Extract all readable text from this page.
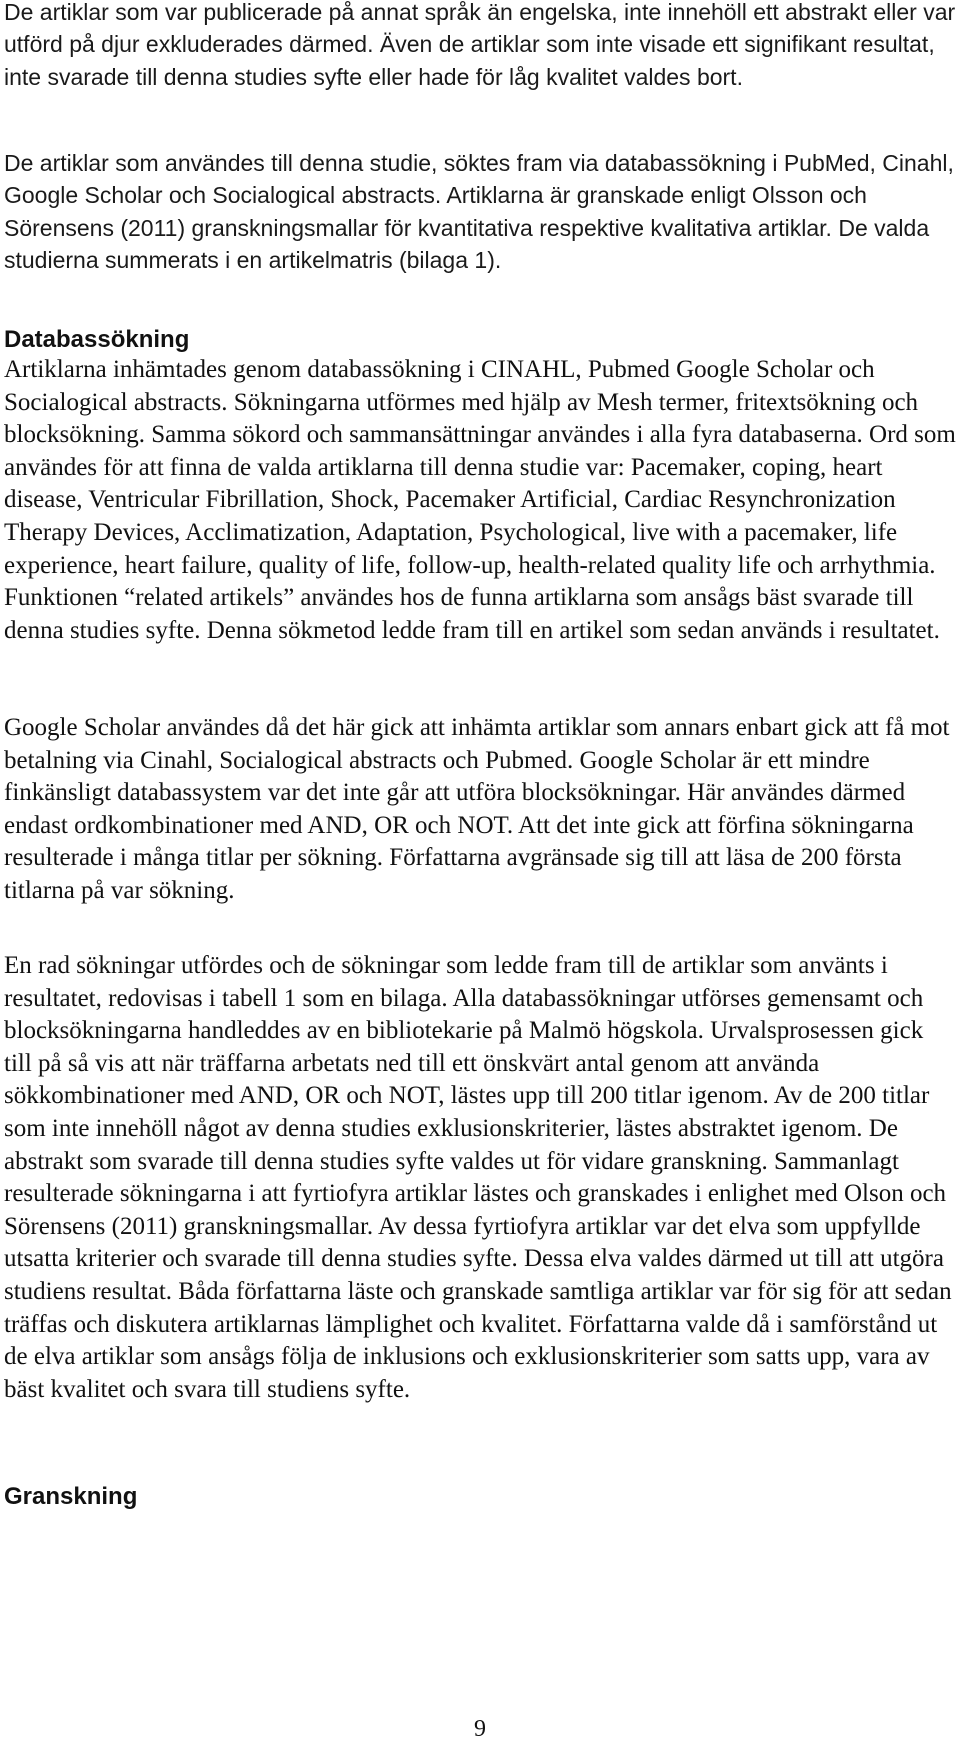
De artiklar som var publicerade på annat språk än engelska, inte innehöll ett abstrakt eller var utförd på djur exkluderades därmed. Även de artiklar som inte visade ett signifikant resultat, inte svarade till denna studies syfte eller hade för låg kvalitet valdes bort.

De artiklar som användes till denna studie, söktes fram via databassökning i PubMed, Cinahl, Google Scholar och Socialogical abstracts. Artiklarna är granskade enligt Olsson och Sörensens (2011) granskningsmallar för kvantitativa respektive kvalitativa artiklar. De valda studierna summerats i en artikelmatris (bilaga 1).

Databassökning

Artiklarna inhämtades genom databassökning i CINAHL, Pubmed Google Scholar och Socialogical abstracts. Sökningarna utförmes med hjälp av Mesh termer, fritextsökning och blocksökning. Samma sökord och sammansättningar användes i alla fyra databaserna. Ord som användes för att finna de valda artiklarna till denna studie var: Pacemaker, coping, heart disease, Ventricular Fibrillation, Shock, Pacemaker Artificial, Cardiac Resynchronization Therapy Devices, Acclimatization, Adaptation, Psychological, live with a pacemaker, life experience, heart failure, quality of life, follow-up, health-related quality life och arrhythmia. Funktionen “related artikels” användes hos de funna artiklarna som ansågs bäst svarade till denna studies syfte. Denna sökmetod ledde fram till en artikel som sedan används i resultatet.

Google Scholar användes då det här gick att inhämta artiklar som annars enbart gick att få mot betalning via Cinahl, Socialogical abstracts och Pubmed. Google Scholar är ett mindre finkänsligt databassystem var det inte går att utföra blocksökningar. Här användes därmed endast ordkombinationer med AND, OR och NOT. Att det inte gick att förfina sökningarna resulterade i många titlar per sökning. Författarna avgränsade sig till att läsa de 200 första titlarna på var sökning.

En rad sökningar utfördes och de sökningar som ledde fram till de artiklar som använts i resultatet, redovisas i tabell 1 som en bilaga. Alla databassökningar utförses gemensamt och blocksökningarna handleddes av en bibliotekarie på Malmö högskola. Urvalsprosessen gick till på så vis att när träffarna arbetats ned till ett önskvärt antal genom att använda sökkombinationer med AND, OR och NOT, lästes upp till 200 titlar igenom. Av de 200 titlar som inte innehöll något av denna studies exklusionskriterier, lästes abstraktet igenom. De abstrakt som svarade till denna studies syfte valdes ut för vidare granskning. Sammanlagt resulterade sökningarna i att fyrtiofyra artiklar lästes och granskades i enlighet med Olson och Sörensens (2011) granskningsmallar. Av dessa fyrtiofyra artiklar var det elva som uppfyllde utsatta kriterier och svarade till denna studies syfte. Dessa elva valdes därmed ut till att utgöra studiens resultat. Båda författarna läste och granskade samtliga artiklar var för sig för att sedan träffas och diskutera artiklarnas lämplighet och kvalitet. Författarna valde då i samförstånd ut de elva artiklar som ansågs följa de inklusions och exklusionskriterier som satts upp, vara av bäst kvalitet och svara till studiens syfte.

Granskning
9
